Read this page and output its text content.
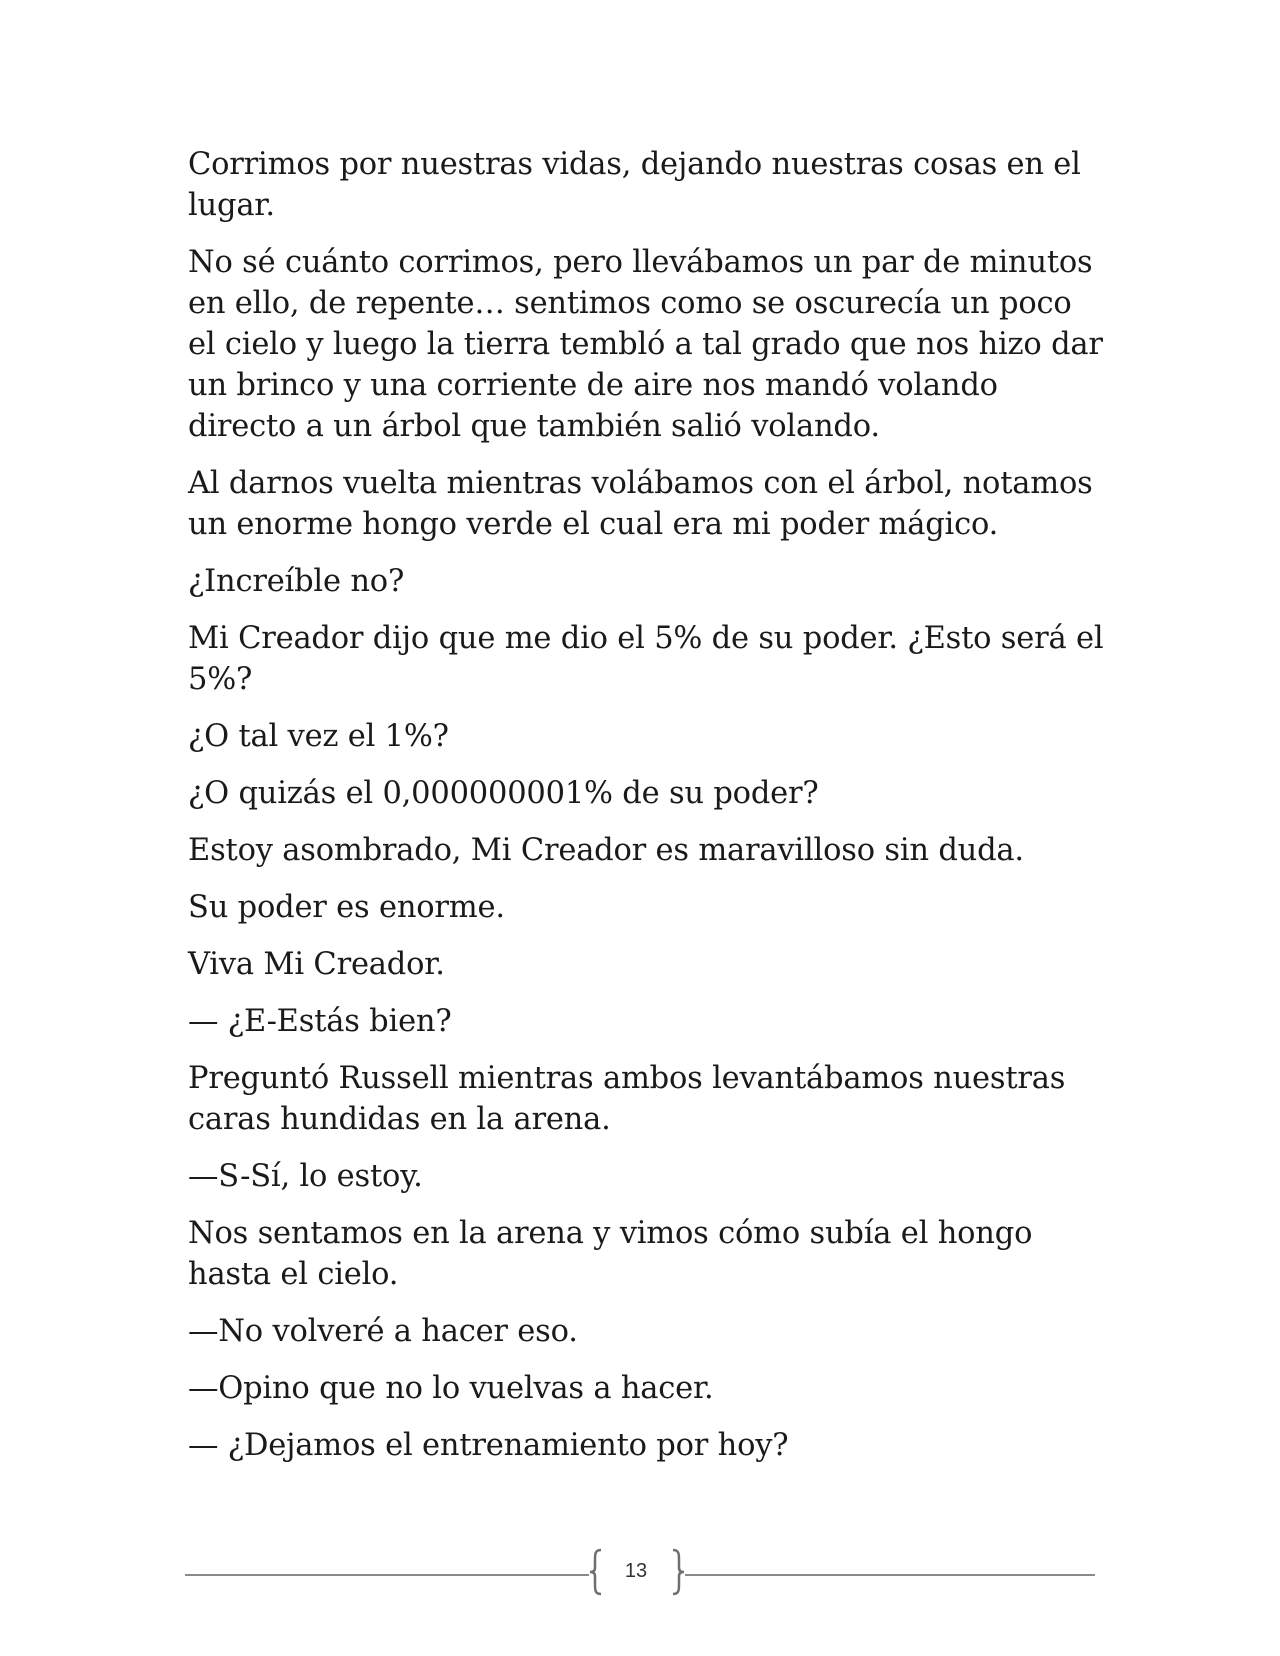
Corrimos por nuestras vidas, dejando nuestras cosas en el lugar.

No sé cuánto corrimos, pero llevábamos un par de minutos en ello, de repente… sentimos como se oscurecía un poco el cielo y luego la tierra tembló a tal grado que nos hizo dar un brinco y una corriente de aire nos mandó volando directo a un árbol que también salió volando.

Al darnos vuelta mientras volábamos con el árbol, notamos un enorme hongo verde el cual era mi poder mágico.

¿Increíble no?

Mi Creador dijo que me dio el 5% de su poder. ¿Esto será el 5%?

¿O tal vez el 1%?

¿O quizás el 0,000000001% de su poder?

Estoy asombrado, Mi Creador es maravilloso sin duda.

Su poder es enorme.

Viva Mi Creador.

— ¿E-Estás bien?

Preguntó Russell mientras ambos levantábamos nuestras caras hundidas en la arena.

—S-Sí, lo estoy.

Nos sentamos en la arena y vimos cómo subía el hongo hasta el cielo.

—No volveré a hacer eso.

—Opino que no lo vuelvas a hacer.

— ¿Dejamos el entrenamiento por hoy?

13
